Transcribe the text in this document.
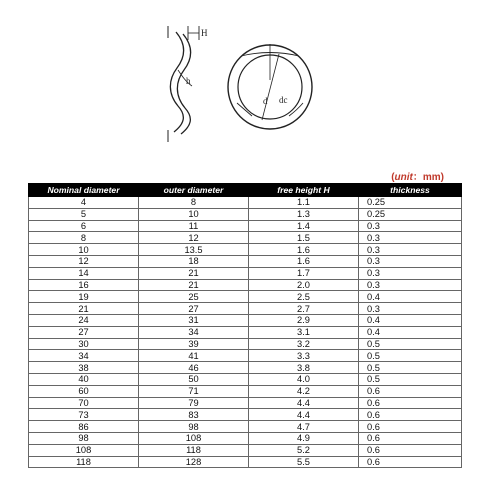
H
h
d dc
(unit：mm)
Nominal diameter	outer diameter	free height H	thickness
4	8	1.1	0.25
5	10	1.3	0.25
6	11	1.4	0.3
8	12	1.5	0.3
10	13.5	1.6	0.3
12	18	1.6	0.3
14	21	1.7	0.3
16	21	2.0	0.3
19	25	2.5	0.4
21	27	2.7	0.3
24	31	2.9	0.4
27	34	3.1	0.4
30	39	3.2	0.5
34	41	3.3	0.5
38	46	3.8	0.5
40	50	4.0	0.5
60	71	4.2	0.6
70	79	4.4	0.6
73	83	4.4	0.6
86	98	4.7	0.6
98	108	4.9	0.6
108	118	5.2	0.6
118	128	5.5	0.6
